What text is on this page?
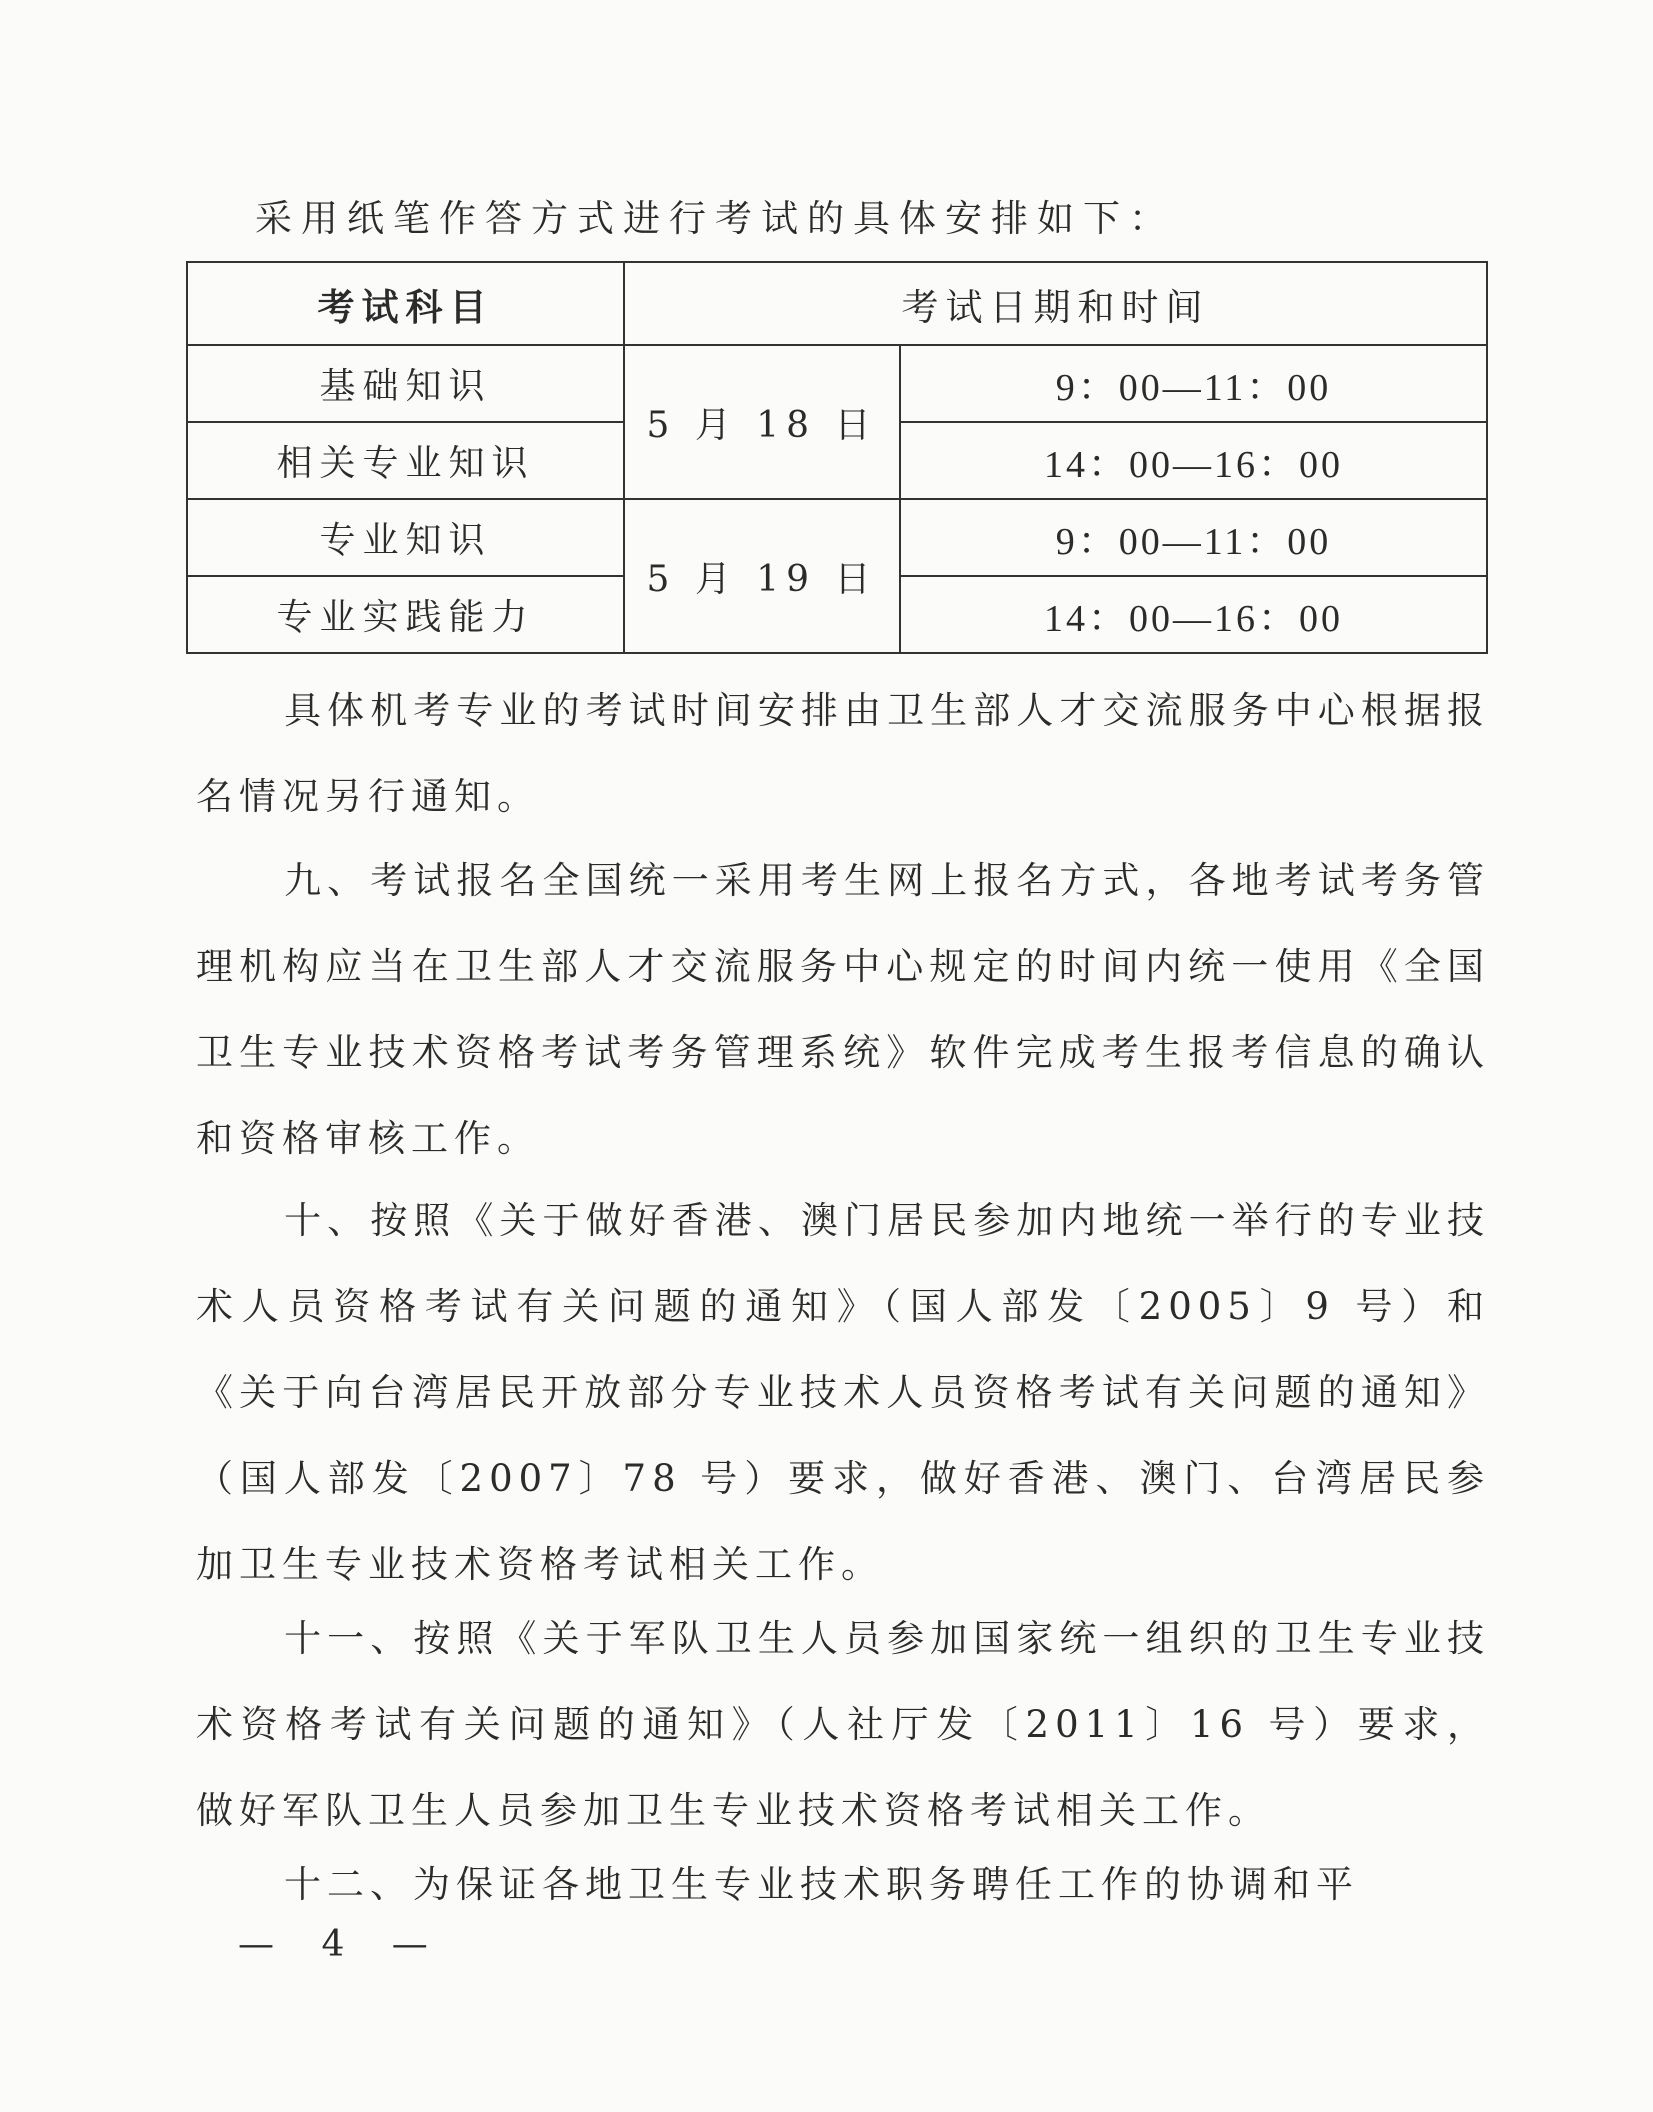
采用纸笔作答方式进行考试的具体安排如下：
考试科目	考试日期和时间	
基础知识	5 月 18 日	9：00—11：00
相关专业知识		14：00—16：00
专业知识	5 月 19 日	9：00—11：00
专业实践能力		14：00—16：00

具体机考专业的考试时间安排由卫生部人才交流服务中心根据报名情况另行通知。

九、考试报名全国统一采用考生网上报名方式，各地考试考务管理机构应当在卫生部人才交流服务中心规定的时间内统一使用《全国卫生专业技术资格考试考务管理系统》软件完成考生报考信息的确认和资格审核工作。

十、按照《关于做好香港、澳门居民参加内地统一举行的专业技术人员资格考试有关问题的通知》（国人部发〔2005〕9 号）和《关于向台湾居民开放部分专业技术人员资格考试有关问题的通知》（国人部发〔2007〕78 号）要求，做好香港、澳门、台湾居民参加卫生专业技术资格考试相关工作。

十一、按照《关于军队卫生人员参加国家统一组织的卫生专业技术资格考试有关问题的通知》（人社厅发〔2011〕16 号）要求，做好军队卫生人员参加卫生专业技术资格考试相关工作。

十二、为保证各地卫生专业技术职务聘任工作的协调和平

— 4 —
